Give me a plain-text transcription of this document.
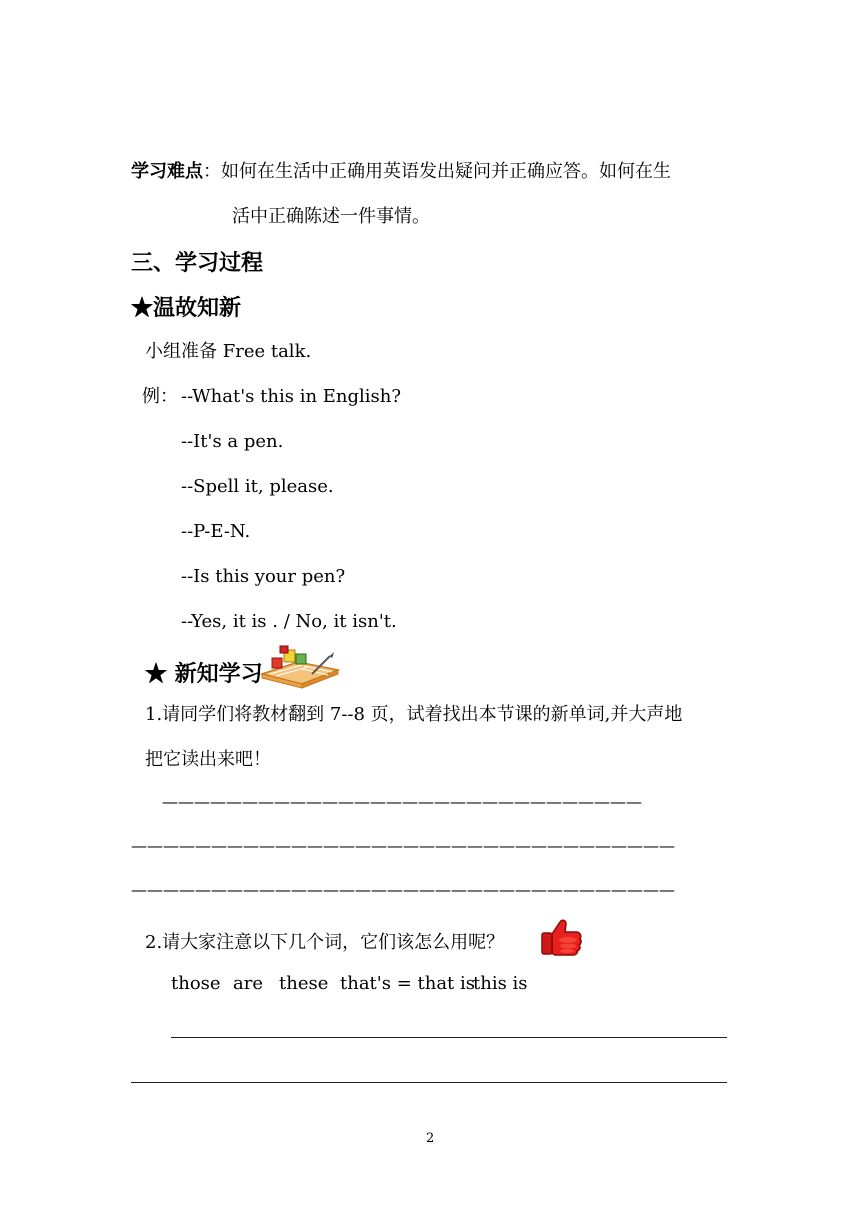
学习难点：如何在生活中正确用英语发出疑问并正确应答。如何在生
活中正确陈述一件事情。
三、学习过程
★温故知新
小组准备 Free talk.
例： --What's this in English?
--It's a pen.
--Spell it, please.
--P-E-N.
--Is this your pen?
--Yes, it is . / No, it isn't.
★ 新知学习
1.请同学们将教材翻到 7--8 页，试着找出本节课的新单词,并大声地
把它读出来吧！
——————————————————————————————
——————————————————————————————————
——————————————————————————————————
2.请大家注意以下几个词，它们该怎么用呢？
those are these that's = that is
this is
2
